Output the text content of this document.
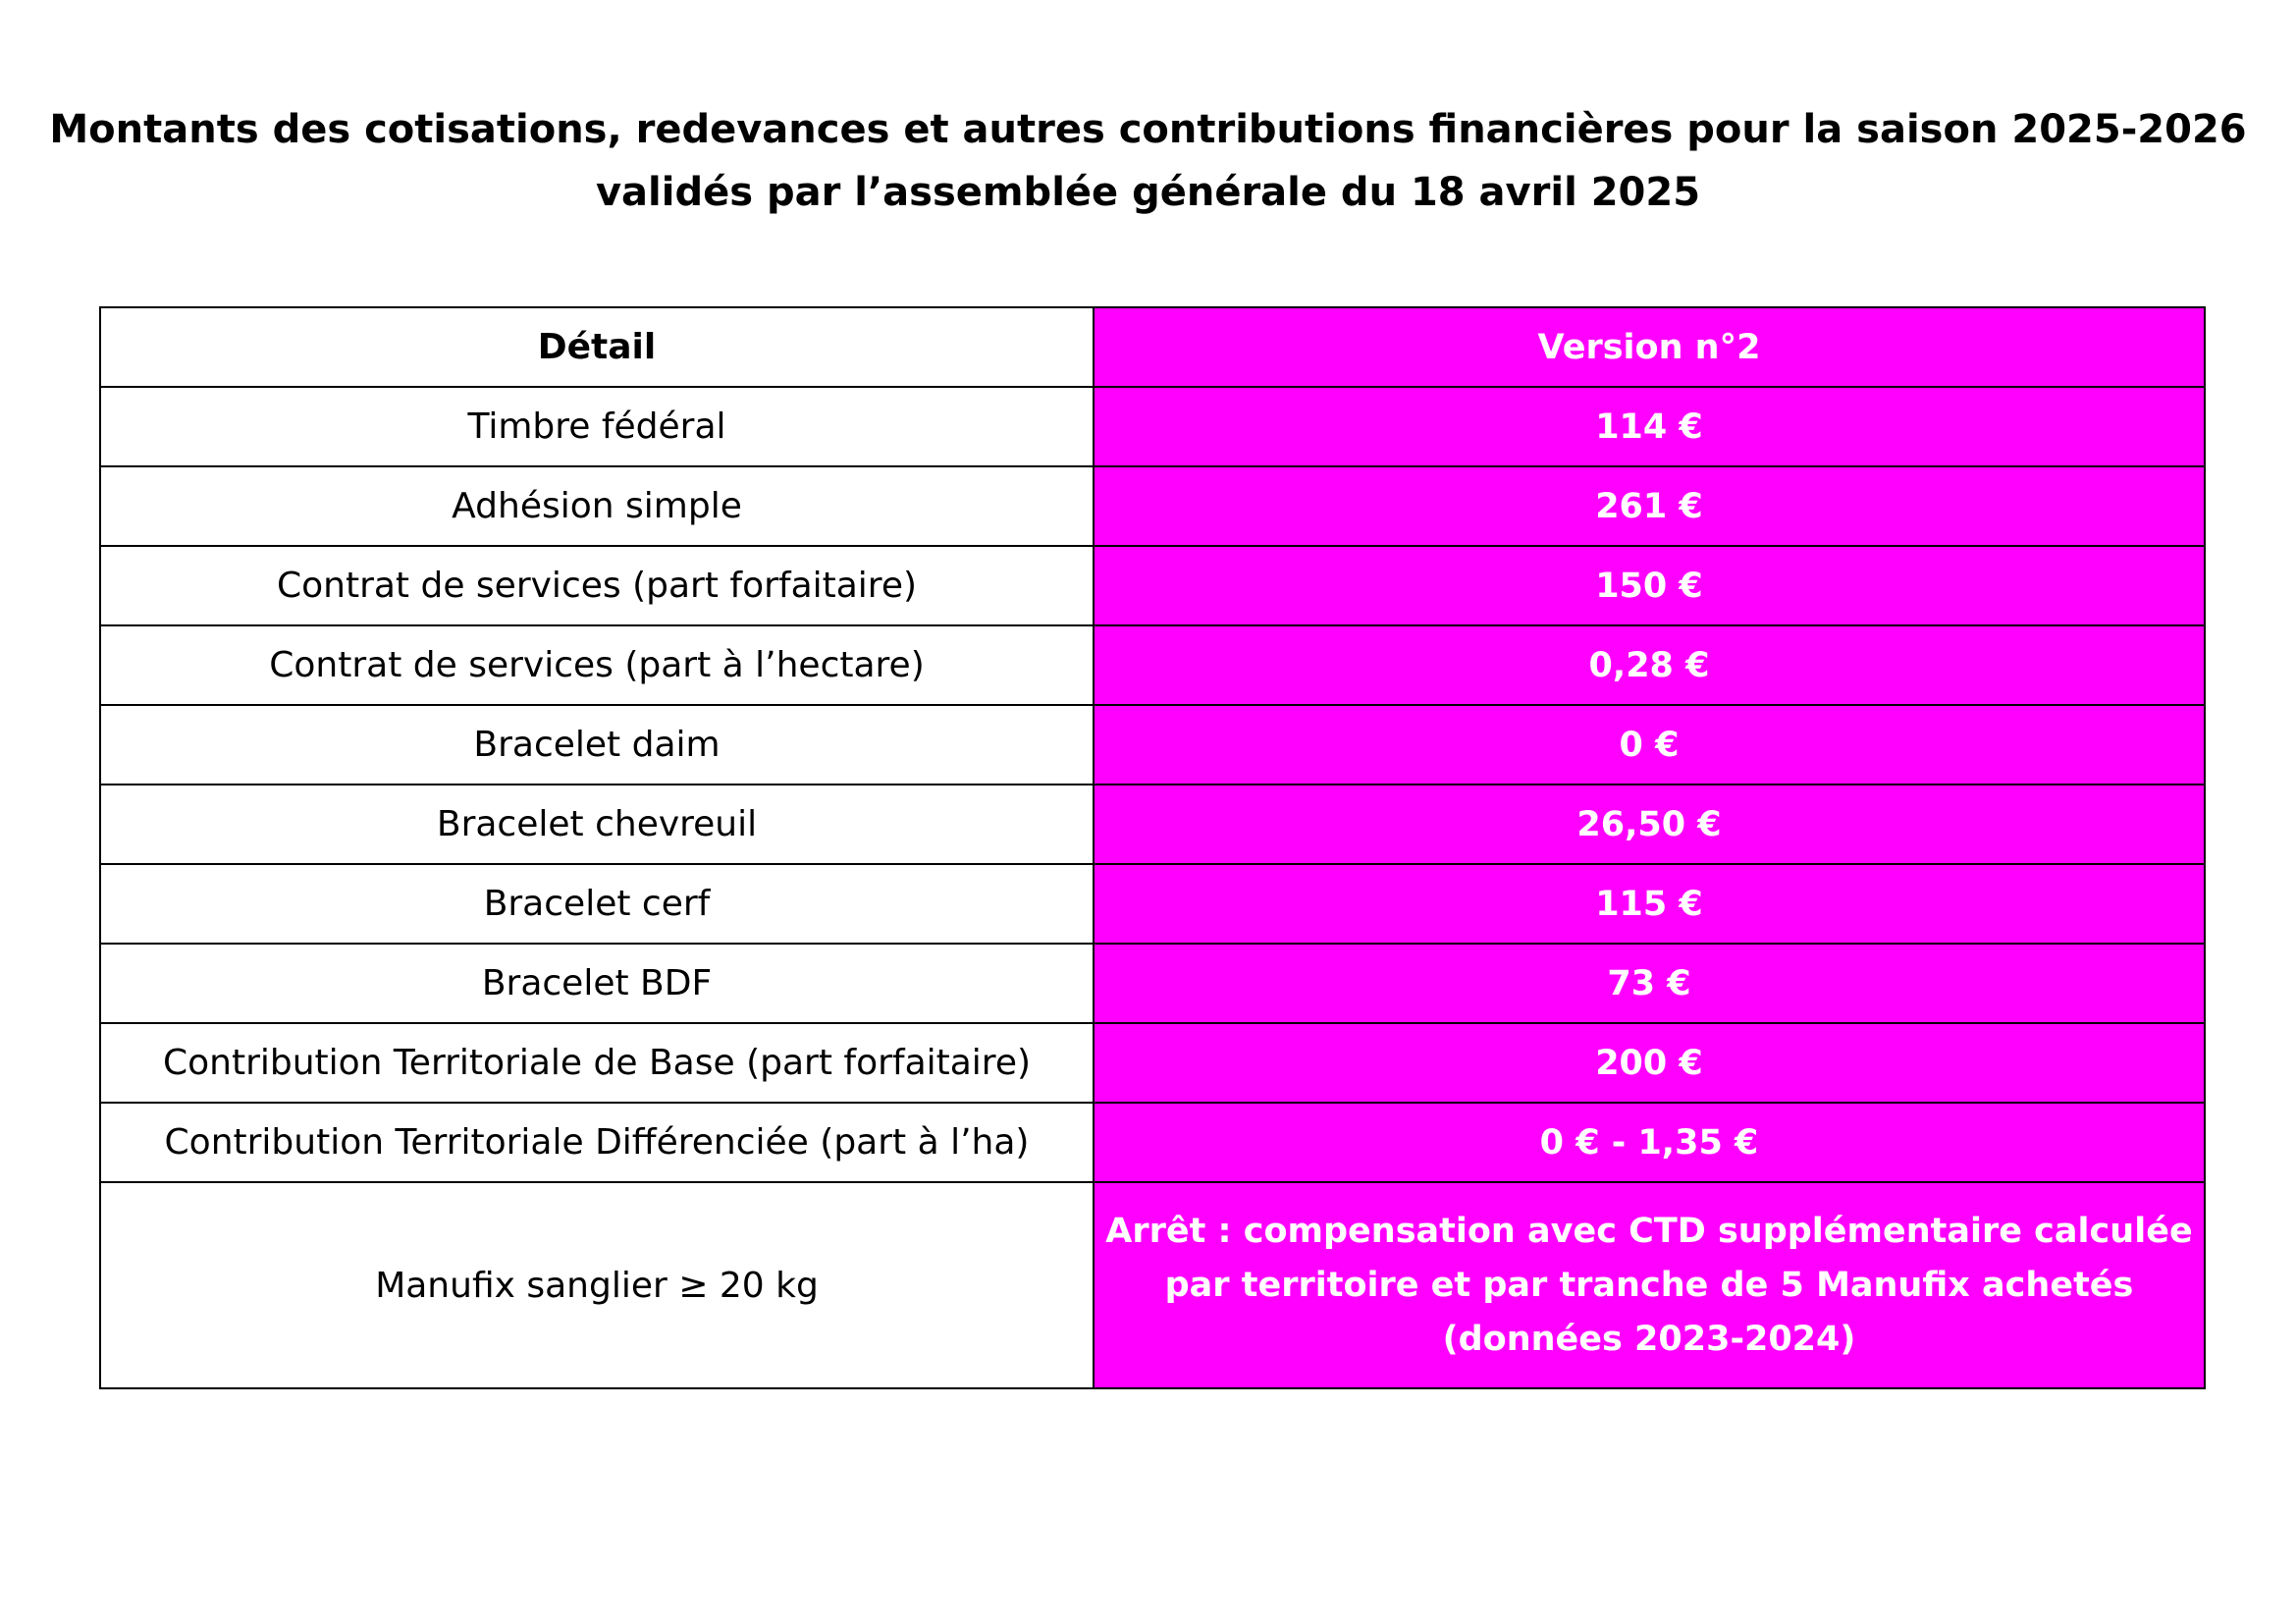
Montants des cotisations, redevances et autres contributions financières pour la saison 2025-2026
validés par l’assemblée générale du 18 avril 2025
Détail	Version n°2
Timbre fédéral	114 €
Adhésion simple	261 €
Contrat de services (part forfaitaire)	150 €
Contrat de services (part à l’hectare)	0,28 €
Bracelet daim	0 €
Bracelet chevreuil	26,50 €
Bracelet cerf	115 €
Bracelet BDF	73 €
Contribution Territoriale de Base (part forfaitaire)	200 €
Contribution Territoriale Différenciée (part à l’ha)	0 € - 1,35 €
Manufix sanglier ≥ 20 kg	Arrêt : compensation avec CTD supplémentaire calculée
par territoire et par tranche de 5 Manufix achetés
(données 2023-2024)
